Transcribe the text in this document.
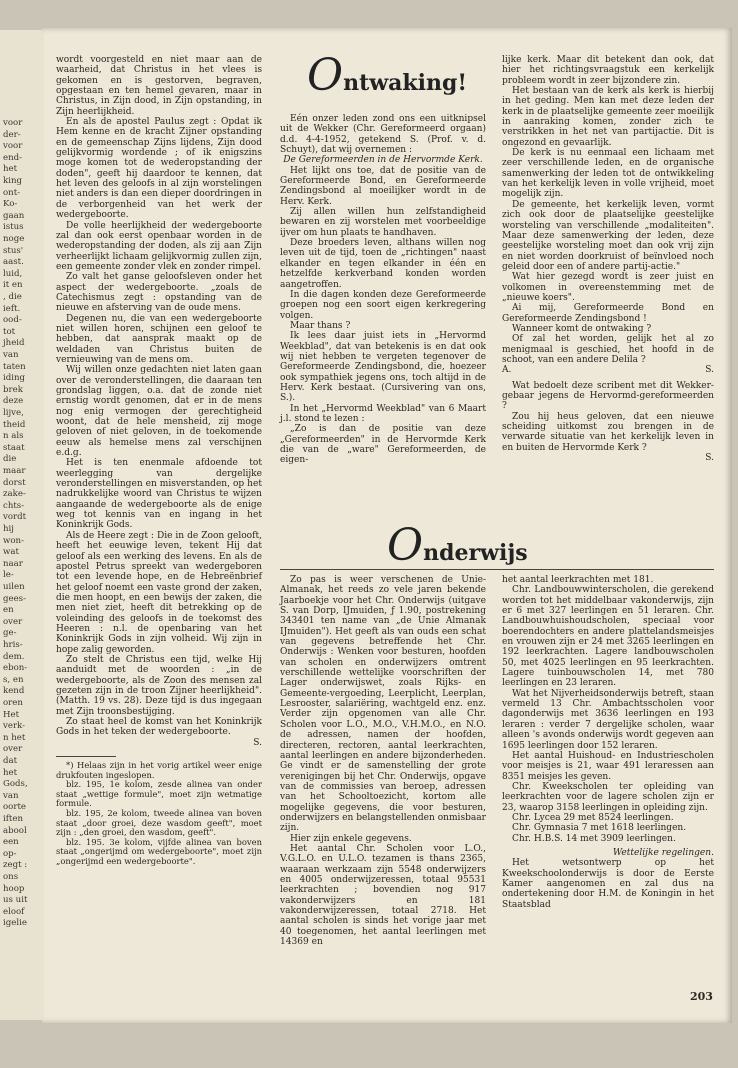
voor
der-
voor
end-
het
king
ont-
Ko-
gaan
istus
noge
stus'
aast.
luid,
it en
, die
ieft.
ood-
tot
jheid
van
taten
iding
brek
deze
lijve,
theid
n als
staat
die
maar
dorst
zake-
chts-
vordt
hij
won-
wat
naar
le-
uilen
gees-
en
over
ge-
hris-
dem.
ebon-
s, en
kend
oren
Het
verk-
n het
over
dat
het
Gods,
van
oorte
iften
abool
een
op-
zegt :
ons
hoop
us uit
eloof
igelie

wordt voorgesteld en niet maar aan de waarheid, dat Christus in het vlees is gekomen en is gestorven, begraven, opgestaan en ten hemel gevaren, maar in Christus, in Zijn dood, in Zijn opstanding, in Zijn heerlijkheid.

En als de apostel Paulus zegt : Opdat ik Hem kenne en de kracht Zijner opstanding en de gemeenschap Zijns lijdens, Zijn dood gelijkvormig wordende ; of ik enigszins moge komen tot de wederopstanding der doden", geeft hij daardoor te kennen, dat het leven des geloofs in al zijn worstelingen niet anders is dan een dieper doordringen in de verborgenheid van het werk der wedergeboorte.

De volle heerlijkheid der wedergeboorte zal dan ook eerst openbaar worden in de wederopstanding der doden, als zij aan Zijn verheerlijkt lichaam gelijkvormig zullen zijn, een gemeente zonder vlek en zonder rimpel.

Zo valt het ganse geloofsleven onder het aspect der wedergeboorte. „zoals de Catechismus zegt : opstanding van de nieuwe en afsterving van de oude mens.

Degenen nu, die van een wedergeboorte niet willen horen, schijnen een geloof te hebben, dat aansprak maakt op de weldaden van Christus buiten de vernieuwing van de mens om.

Wij willen onze gedachten niet laten gaan over de veronderstellingen, die daaraan ten grondslag liggen, o.a. dat de zonde niet ernstig wordt genomen, dat er in de mens nog enig vermogen der gerechtigheid woont, dat de hele mensheid, zij moge geloven of niet geloven, in de toekomende eeuw als hemelse mens zal verschijnen e.d.g.

Het is ten enenmale afdoende tot weerlegging van dergelijke veronderstellingen en misverstanden, op het nadrukkelijke woord van Christus te wijzen aangaande de wedergeboorte als de enige weg tot kennis van en ingang in het Koninkrijk Gods.

Als de Heere zegt : Die in de Zoon gelooft, heeft het eeuwige leven, tekent Hij dat geloof als een werking des levens. En als de apostel Petrus spreekt van wedergeboren tot een levende hope, en de Hebreënbrief het geloof noemt een vaste grond der zaken, die men hoopt, en een bewijs der zaken, die men niet ziet, heeft dit betrekking op de voleinding des geloofs in de toekomst des Heeren : n.l. de openbaring van het Koninkrijk Gods in zijn volheid. Wij zijn in hope zalig geworden.

Zo stelt de Christus een tijd, welke Hij aanduidt met de woorden : „in de wedergeboorte, als de Zoon des mensen zal gezeten zijn in de troon Zijner heerlijkheid". (Matth. 19 vs. 28). Deze tijd is dus ingegaan met Zijn troonsbestijging.

Zo staat heel de komst van het Koninkrijk Gods in het teken der wedergeboorte.

S.

*) Helaas zijn in het vorig artikel weer enige drukfouten ingeslopen.

blz. 195, 1e kolom, zesde alinea van onder staat „wettige formule", moet zijn wetmatige formule.

blz. 195, 2e kolom, tweede alinea van boven staat „door groei, deze wasdom geeft", moet zijn : „den groei, den wasdom, geeft".

blz. 195. 3e kolom, vijfde alinea van boven staat „ongerijmd om wedergeboorte", moet zijn „ongerijmd een wedergeboorte".

Ontwaking!

Eén onzer leden zond ons een uitknipsel uit de Wekker (Chr. Gereformeerd orgaan) d.d. 4-4-1952, getekend S. (Prof. v. d. Schuyt), dat wij overnemen :

De Gereformeerden in de Hervormde Kerk.

Het lijkt ons toe, dat de positie van de Gereformeerde Bond, en Gereformeerde Zendingsbond al moeilijker wordt in de Herv. Kerk.

Zij allen willen hun zelfstandigheid bewaren en zij worstelen met voorbeeldige ijver om hun plaats te handhaven.

Deze broeders leven, althans willen nog leven uit de tijd, toen de „richtingen" naast elkander en tegen elkander in één en hetzelfde kerkverband konden worden aangetroffen.

In die dagen konden deze Gereformeerde groepen nog een soort eigen kerkregering volgen.

Maar thans ?

Ik lees daar juist iets in „Hervormd Weekblad", dat van betekenis is en dat ook wij niet hebben te vergeten tegenover de Gereformeerde Zendingsbond, die, hoezeer ook sympathiek jegens ons, toch altijd in de Herv. Kerk bestaat. (Cursivering van ons, S.).

In het „Hervormd Weekblad" van 6 Maart j.l. stond te lezen :

„Zo is dan de positie van deze „Gereformeerden" in de Hervormde Kerk die van de „ware" Gereformeerden, de eigen-

lijke kerk. Maar dit betekent dan ook, dat hier het richtingsvraagstuk een kerkelijk probleem wordt in zeer bijzondere zin.

Het bestaan van de kerk als kerk is hierbij in het geding. Men kan met deze leden der kerk in de plaatselijke gemeente zeer moeilijk in aanraking komen, zonder zich te verstrikken in het net van partijactie. Dit is ongezond en gevaarlijk.

De kerk is nu eenmaal een lichaam met zeer verschillende leden, en de organische samenwerking der leden tot de ontwikkeling van het kerkelijk leven in volle vrijheid, moet mogelijk zijn.

De gemeente, het kerkelijk leven, vormt zich ook door de plaatselijke geestelijke worsteling van verschillende „modaliteiten". Maar deze samenwerking der leden, deze geestelijke worsteling moet dan ook vrij zijn en niet worden doorkruist of beïnvloed noch geleid door een of andere partij-actie."

Wat hier gezegd wordt is zeer juist en volkomen in overeenstemming met de „nieuwe koers".

Ai mij, Gereformeerde Bond en Gereformeerde Zendingsbond !

Wanneer komt de ontwaking ?

Of zal het worden, gelijk het al zo menigmaal is geschied, het hoofd in de schoot, van een andere Delila ?

A.	S.

Wat bedoelt deze scribent met dit Wekker-gebaar jegens de Hervormd-gereformeerden ?

Zou hij heus geloven, dat een nieuwe scheiding uitkomst zou brengen in de verwarde situatie van het kerkelijk leven in en buiten de Hervormde Kerk ?

S.
Onderwijs

Zo pas is weer verschenen de Unie-Almanak, het reeds zo vele jaren bekende Jaarboekje voor het Chr. Onderwijs (uitgave S. van Dorp, IJmuiden, ƒ 1.90, postrekening 343401 ten name van „de Unie Almanak IJmuiden"). Het geeft als van ouds een schat van gegevens betreffende het Chr. Onderwijs : Wenken voor besturen, hoofden van scholen en onderwijzers omtrent verschillende wettelijke voorschriften der Lager onderwijswet, zoals Rijks- en Gemeente-vergoeding, Leerplicht, Leerplan, Lesrooster, salariëring, wachtgeld enz. enz. Verder zijn opgenomen van alle Chr. Scholen voor L.O., M.O., V.H.M.O., en N.O. de adressen, namen der hoofden, directeren, rectoren, aantal leerkrachten, aantal leerlingen en andere bijzonderheden. Ge vindt er de samenstelling der grote verenigingen bij het Chr. Onderwijs, opgave van de commissies van beroep, adressen van het Schooltoezicht, kortom alle mogelijke gegevens, die voor besturen, onderwijzers en belangstellenden onmisbaar zijn.

Hier zijn enkele gegevens.

Het aantal Chr. Scholen voor L.O., V.G.L.O. en U.L.O. tezamen is thans 2365, waaraan werkzaam zijn 5548 onderwijzers en 4005 onderwijzeressen, totaal 95531 leerkrachten ; bovendien nog 917 vakonderwijzers en 181 vakonderwijzeressen, totaal 2718. Het aantal scholen is sinds het vorige jaar met 40 toegenomen, het aantal leerlingen met 14369 en

het aantal leerkrachten met 181.

Chr. Landbouwwinterscholen, die gerekend worden tot het middelbaar vakonderwijs, zijn er 6 met 327 leerlingen en 51 leraren. Chr. Landbouwhuishoudscholen, speciaal voor boerendochters en andere plattelandsmeisjes en vrouwen zijn er 24 met 3265 leerlingen en 192 leerkrachten. Lagere landbouwscholen 50, met 4025 leerlingen en 95 leerkrachten. Lagere tuinbouwscholen 14, met 780 leerlingen en 23 leraren.

Wat het Nijverheidsonderwijs betreft, staan vermeld 13 Chr. Ambachtsscholen voor dagonderwijs met 3636 leerlingen en 193 leraren : verder 7 dergelijke scholen, waar alleen 's avonds onderwijs wordt gegeven aan 1695 leerlingen door 152 leraren.

Het aantal Huishoud- en Industriescholen voor meisjes is 21, waar 491 leraressen aan 8351 meisjes les geven.

Chr. Kweekscholen ter opleiding van leerkrachten voor de lagere scholen zijn er 23, waarop 3158 leerlingen in opleiding zijn.

Chr. Lycea 29 met 8524 leerlingen.

Chr. Gymnasia 7 met 1618 leerlingen.

Chr. H.B.S. 14 met 3909 leerlingen.

Wettelijke regelingen.

Het wetsontwerp op het Kweekschoolonderwijs is door de Eerste Kamer aangenomen en zal dus na ondertekening door H.M. de Koningin in het Staatsblad

203
